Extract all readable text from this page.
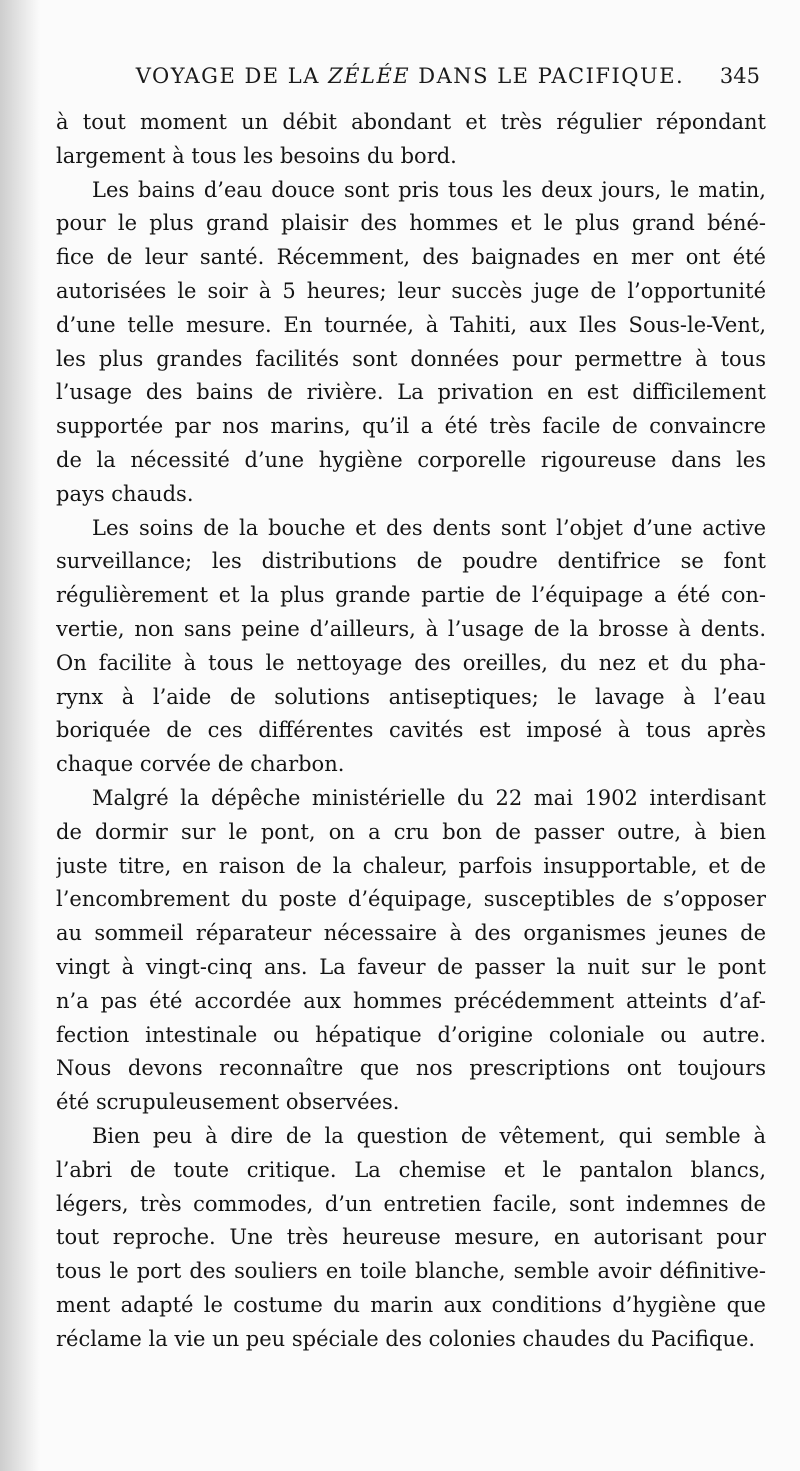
VOYAGE DE LA ZÉLÉE DANS LE PACIFIQUE.	345
à tout moment un débit abondant et très régulier répondant
largement à tous les besoins du bord.
Les bains d’eau douce sont pris tous les deux jours, le matin,
pour le plus grand plaisir des hommes et le plus grand béné-
fice de leur santé. Récemment, des baignades en mer ont été
autorisées le soir à 5 heures; leur succès juge de l’opportunité
d’une telle mesure. En tournée, à Tahiti, aux Iles Sous-le-Vent,
les plus grandes facilités sont données pour permettre à tous
l’usage des bains de rivière. La privation en est difficilement
supportée par nos marins, qu’il a été très facile de convaincre
de la nécessité d’une hygiène corporelle rigoureuse dans les
pays chauds.
Les soins de la bouche et des dents sont l’objet d’une active
surveillance; les distributions de poudre dentifrice se font
régulièrement et la plus grande partie de l’équipage a été con-
vertie, non sans peine d’ailleurs, à l’usage de la brosse à dents.
On facilite à tous le nettoyage des oreilles, du nez et du pha-
rynx à l’aide de solutions antiseptiques; le lavage à l’eau
boriquée de ces différentes cavités est imposé à tous après
chaque corvée de charbon.
Malgré la dépêche ministérielle du 22 mai 1902 interdisant
de dormir sur le pont, on a cru bon de passer outre, à bien
juste titre, en raison de la chaleur, parfois insupportable, et de
l’encombrement du poste d’équipage, susceptibles de s’opposer
au sommeil réparateur nécessaire à des organismes jeunes de
vingt à vingt-cinq ans. La faveur de passer la nuit sur le pont
n’a pas été accordée aux hommes précédemment atteints d’af-
fection intestinale ou hépatique d’origine coloniale ou autre.
Nous devons reconnaître que nos prescriptions ont toujours
été scrupuleusement observées.
Bien peu à dire de la question de vêtement, qui semble à
l’abri de toute critique. La chemise et le pantalon blancs,
légers, très commodes, d’un entretien facile, sont indemnes de
tout reproche. Une très heureuse mesure, en autorisant pour
tous le port des souliers en toile blanche, semble avoir définitive-
ment adapté le costume du marin aux conditions d’hygiène que
réclame la vie un peu spéciale des colonies chaudes du Pacifique.
